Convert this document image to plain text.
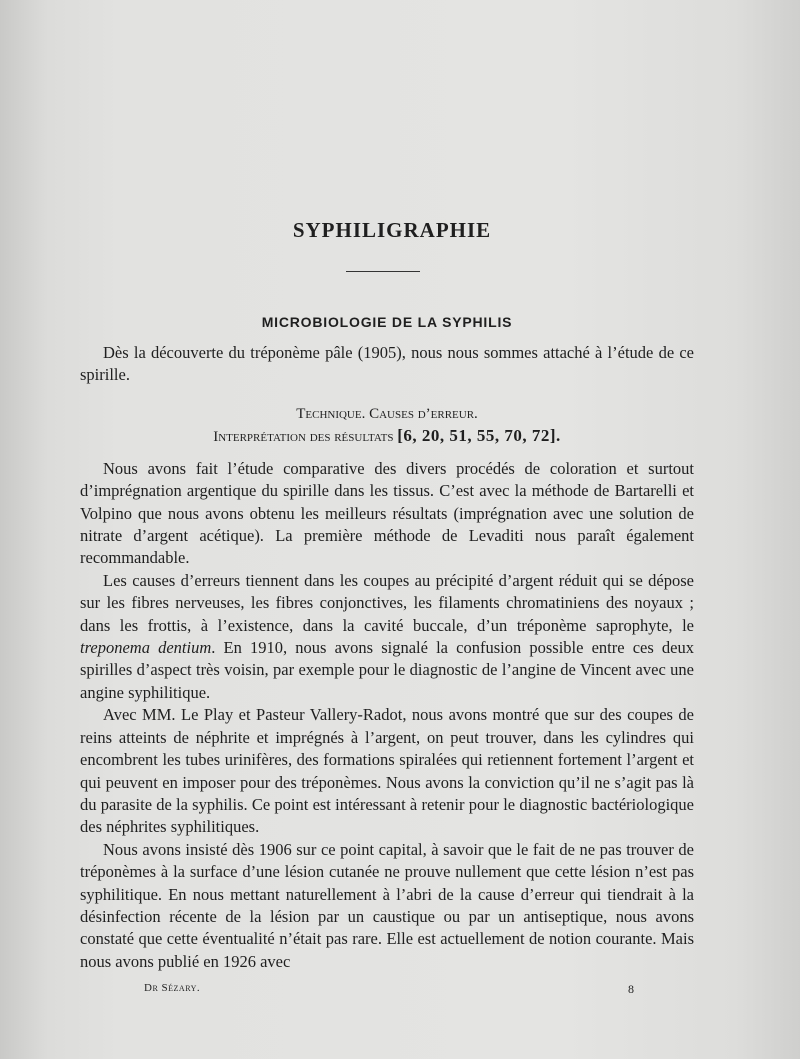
SYPHILIGRAPHIE
MICROBIOLOGIE DE LA SYPHILIS

Dès la découverte du tréponème pâle (1905), nous nous sommes attaché à l’étude de ce spirille.

Technique. Causes d’erreur.
Interprétation des résultats [6, 20, 51, 55, 70, 72].

Nous avons fait l’étude comparative des divers procédés de coloration et surtout d’imprégnation argentique du spirille dans les tissus. C’est avec la méthode de Bartarelli et Volpino que nous avons obtenu les meilleurs résultats (imprégnation avec une solution de nitrate d’argent acétique). La première méthode de Levaditi nous paraît également recommandable.

Les causes d’erreurs tiennent dans les coupes au précipité d’argent réduit qui se dépose sur les fibres nerveuses, les fibres conjonctives, les filaments chromatiniens des noyaux ; dans les frottis, à l’existence, dans la cavité buccale, d’un tréponème saprophyte, le treponema dentium. En 1910, nous avons signalé la confusion possible entre ces deux spirilles d’aspect très voisin, par exemple pour le diagnostic de l’angine de Vincent avec une angine syphilitique.

Avec MM. Le Play et Pasteur Vallery-Radot, nous avons montré que sur des coupes de reins atteints de néphrite et imprégnés à l’argent, on peut trouver, dans les cylindres qui encombrent les tubes urinifères, des formations spiralées qui retiennent fortement l’argent et qui peuvent en imposer pour des tréponèmes. Nous avons la conviction qu’il ne s’agit pas là du parasite de la syphilis. Ce point est intéressant à retenir pour le diagnostic bactériologique des néphrites syphilitiques.

Nous avons insisté dès 1906 sur ce point capital, à savoir que le fait de ne pas trouver de tréponèmes à la surface d’une lésion cutanée ne prouve nullement que cette lésion n’est pas syphilitique. En nous mettant naturellement à l’abri de la cause d’erreur qui tiendrait à la désinfection récente de la lésion par un caustique ou par un antiseptique, nous avons constaté que cette éventualité n’était pas rare. Elle est actuellement de notion courante. Mais nous avons publié en 1926 avec

Dr Sézary.	8
